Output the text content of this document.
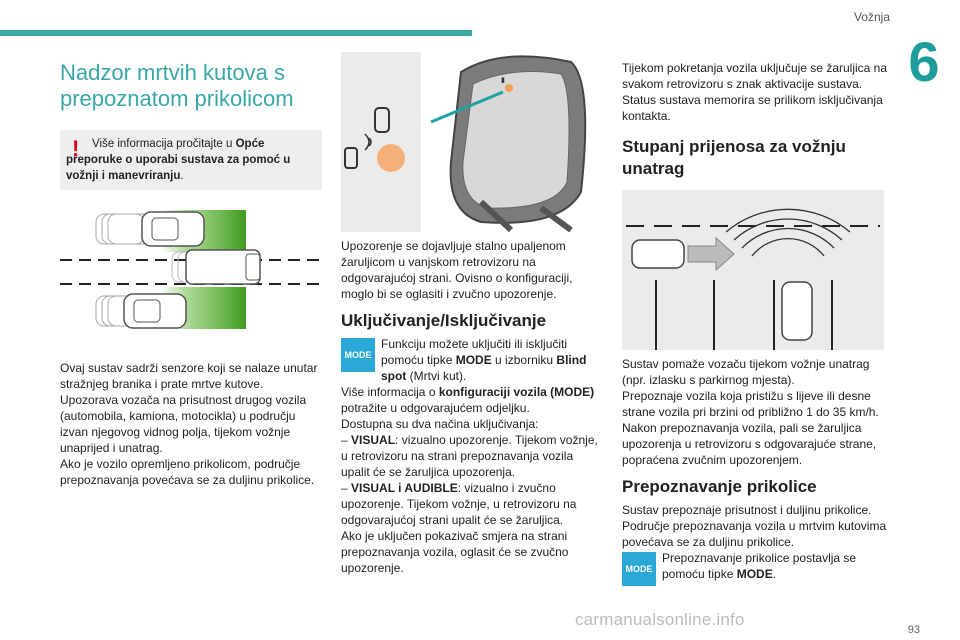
Vožnja
6
Nadzor mrtvih kutova s prepoznatom prikolicom
! Više informacija pročitajte u Opće preporuke o uporabi sustava za pomoć u vožnji i manevriranju.

Ovaj sustav sadrži senzore koji se nalaze unutar stražnjeg branika i prate mrtve kutove.

Upozorava vozača na prisutnost drugog vozila (automobila, kamiona, motocikla) u području izvan njegovog vidnog polja, tijekom vožnje unaprijed i unatrag.

Ako je vozilo opremljeno prikolicom, područje prepoznavanja povećava se za duljinu prikolice.

▮

Upozorenje se dojavljuje stalno upaljenom žaruljicom u vanjskom retrovizoru na odgovarajućoj strani. Ovisno o konfiguraciji, moglo bi se oglasiti i zvučno upozorenje.

Uključivanje/Isključivanje
MODE
Funkciju možete uključiti ili isključiti pomoću tipke MODE u izborniku Blind spot (Mrtvi kut).

Više informacija o konfiguraciji vozila (MODE) potražite u odgovarajućem odjeljku.

Dostupna su dva načina uključivanja:

– VISUAL: vizualno upozorenje. Tijekom vožnje, u retrovizoru na strani prepoznavanja vozila upalit će se žaruljica upozorenja.

– VISUAL i AUDIBLE: vizualno i zvučno upozorenje. Tijekom vožnje, u retrovizoru na odgovarajućoj strani upalit će se žaruljica.

Ako je uključen pokazivač smjera na strani prepoznavanja vozila, oglasit će se zvučno upozorenje.

Tijekom pokretanja vozila uključuje se žaruljica na svakom retrovizoru s znak aktivacije sustava. Status sustava memorira se prilikom isključivanja kontakta.

Stupanj prijenosa za vožnju unatrag

Sustav pomaže vozaču tijekom vožnje unatrag (npr. izlasku s parkirnog mjesta).

Prepoznaje vozila koja pristižu s lijeve ili desne strane vozila pri brzini od približno 1 do 35 km/h.

Nakon prepoznavanja vozila, pali se žaruljica upozorenja u retrovizoru s odgovarajuće strane, popraćena zvučnim upozorenjem.

Prepoznavanje prikolice

Sustav prepoznaje prisutnost i duljinu prikolice. Područje prepoznavanja vozila u mrtvim kutovima povećava se za duljinu prikolice.

MODE
Prepoznavanje prikolice postavlja se pomoću tipke MODE.
carmanualsonline.info
93
